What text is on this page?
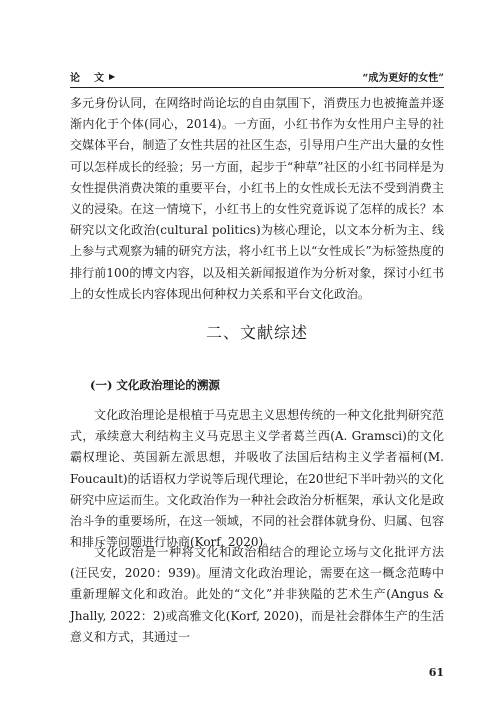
论　文 ▶	“成为更好的女性”
多元身份认同，在网络时尚论坛的自由氛围下，消费压力也被掩盖并逐渐内化于个体(同心，2014)。一方面，小红书作为女性用户主导的社交媒体平台，制造了女性共居的社区生态，引导用户生产出大量的女性可以怎样成长的经验；另一方面，起步于“种草”社区的小红书同样是为女性提供消费决策的重要平台，小红书上的女性成长无法不受到消费主义的浸染。在这一情境下，小红书上的女性究竟诉说了怎样的成长？本研究以文化政治(cultural politics)为核心理论，以文本分析为主、线上参与式观察为辅的研究方法，将小红书上以“女性成长”为标签热度的排行前100的博文内容，以及相关新闻报道作为分析对象，探讨小红书上的女性成长内容体现出何种权力关系和平台文化政治。
二、文献综述
(一) 文化政治理论的溯源
文化政治理论是根植于马克思主义思想传统的一种文化批判研究范式，承续意大利结构主义马克思主义学者葛兰西(A. Gramsci)的文化霸权理论、英国新左派思想，并吸收了法国后结构主义学者福柯(M. Foucault)的话语权力学说等后现代理论，在20世纪下半叶勃兴的文化研究中应运而生。文化政治作为一种社会政治分析框架，承认文化是政治斗争的重要场所，在这一领域，不同的社会群体就身份、归属、包容和排斥等问题进行协商(Korf, 2020)。
文化政治是一种将文化和政治相结合的理论立场与文化批评方法(汪民安，2020：939)。厘清文化政治理论，需要在这一概念范畴中重新理解文化和政治。此处的“文化”并非狭隘的艺术生产(Angus & Jhally, 2022：2)或高雅文化(Korf, 2020)，而是社会群体生产的生活意义和方式，其通过一
61
